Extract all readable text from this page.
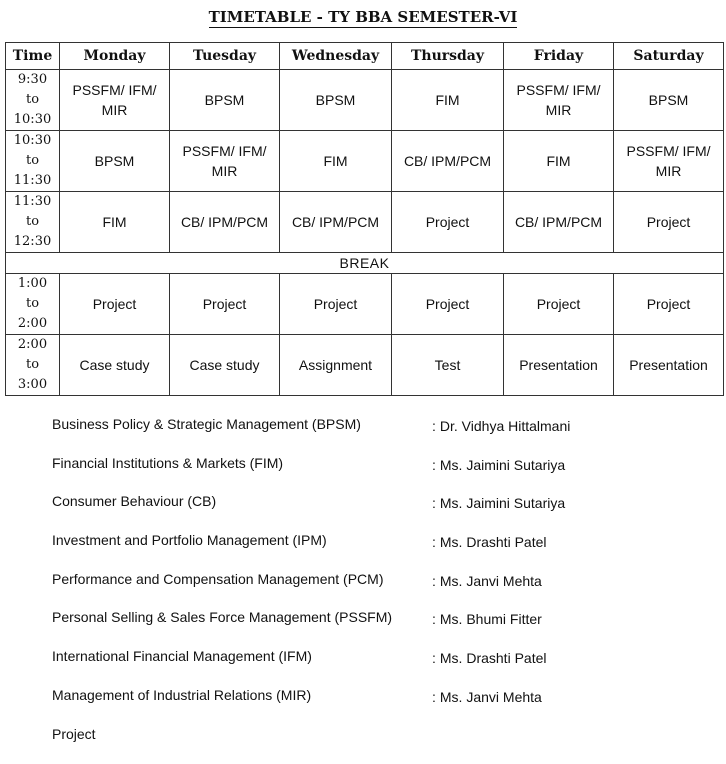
TIMETABLE - TY BBA SEMESTER-VI
Time	Monday	Tuesday	Wednesday	Thursday	Friday	Saturday
9:30
to
10:30	PSSFM/ IFM/ MIR	BPSM	BPSM	FIM	PSSFM/ IFM/ MIR	BPSM
10:30
to
11:30	BPSM	PSSFM/ IFM/ MIR	FIM	CB/ IPM/PCM	FIM	PSSFM/ IFM/ MIR
11:30
to
12:30	FIM	CB/ IPM/PCM	CB/ IPM/PCM	Project	CB/ IPM/PCM	Project
BREAK						
1:00
to
2:00	Project	Project	Project	Project	Project	Project
2:00
to
3:00	Case study	Case study	Assignment	Test	Presentation	Presentation
Business Policy & Strategic Management (BPSM)	: Dr. Vidhya Hittalmani
Financial Institutions & Markets (FIM)	: Ms. Jaimini Sutariya
Consumer Behaviour (CB)	: Ms. Jaimini Sutariya
Investment and Portfolio Management (IPM)	: Ms. Drashti Patel
Performance and Compensation Management (PCM)	: Ms. Janvi Mehta
Personal Selling & Sales Force Management (PSSFM)	: Ms. Bhumi Fitter
International Financial Management (IFM)	: Ms. Drashti Patel
Management of Industrial Relations (MIR)	: Ms. Janvi Mehta
Project
